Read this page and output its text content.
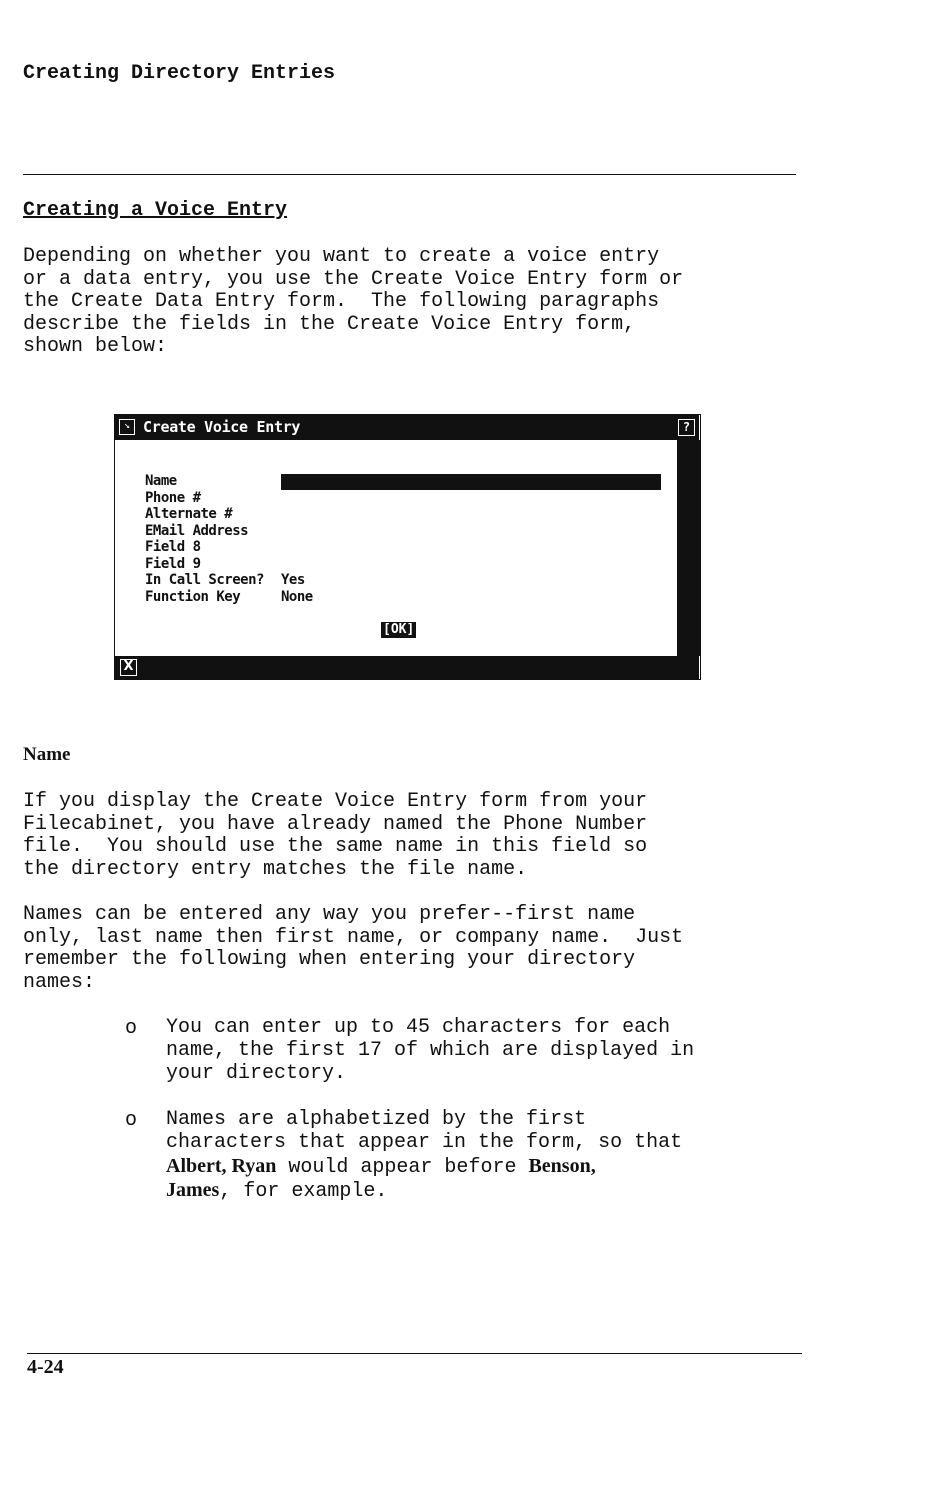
Creating Directory Entries
Creating a Voice Entry
Depending on whether you want to create a voice entry
or a data entry, you use the Create Voice Entry form or
the Create Data Entry form.  The following paragraphs
describe the fields in the Create Voice Entry form,
shown below:
↘ Create Voice Entry	?
Name
Phone #
Alternate #
EMail Address
Field 8
Field 9
In Call Screen? Yes
Function Key	None
[OK]
X
Name
If you display the Create Voice Entry form from your
Filecabinet, you have already named the Phone Number
file.  You should use the same name in this field so
the directory entry matches the file name.
Names can be entered any way you prefer--first name
only, last name then first name, or company name.  Just
remember the following when entering your directory
names:
o You can enter up to 45 characters for each
name, the first 17 of which are displayed in
your directory.
o Names are alphabetized by the first
characters that appear in the form, so that
Albert, Ryan would appear before Benson,
James, for example.
4-24
